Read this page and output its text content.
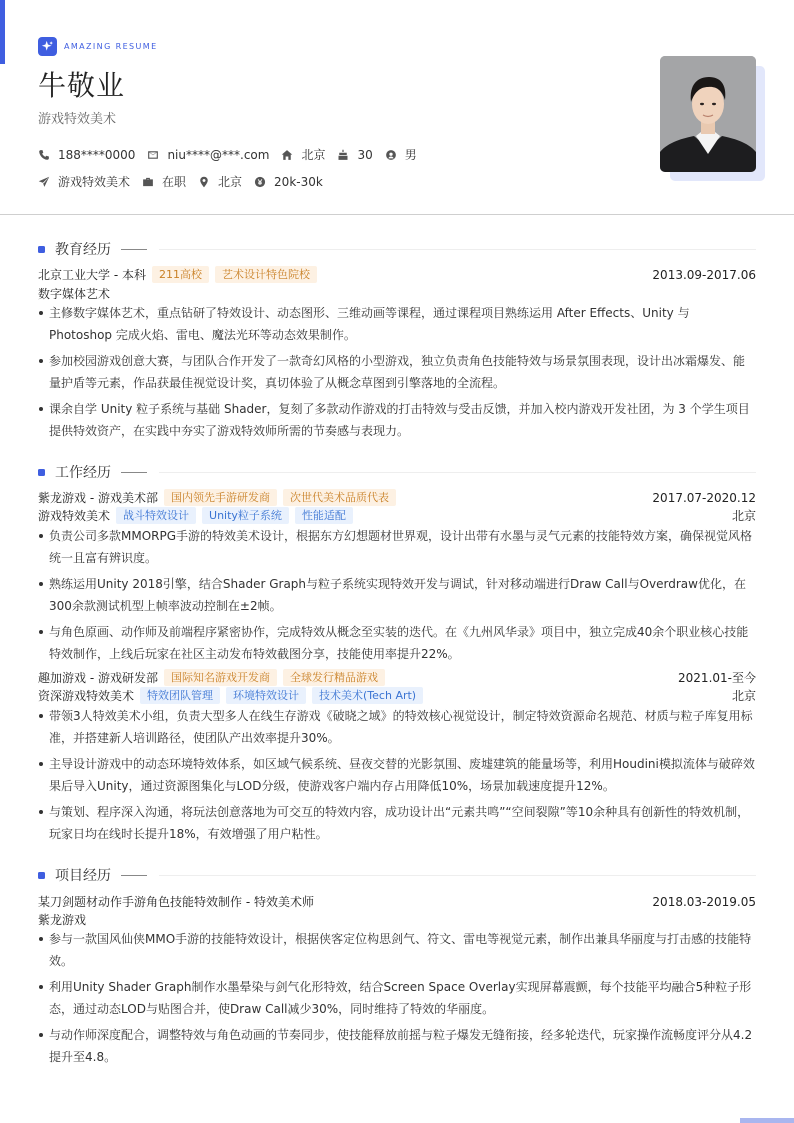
AMAZING RESUME
牛敬业
游戏特效美术
188****0000	niu****@***.com	北京	30	男
游戏特效美术	在职	北京	20k-30k
教育经历
北京工业大学 - 本科	211高校	艺术设计特色院校	2013.09-2017.06
数字媒体艺术
主修数字媒体艺术，重点钻研了特效设计、动态图形、三维动画等课程，通过课程项目熟练运用 After Effects、Unity 与 Photoshop 完成火焰、雷电、魔法光环等动态效果制作。
参加校园游戏创意大赛，与团队合作开发了一款奇幻风格的小型游戏，独立负责角色技能特效与场景氛围表现，设计出冰霜爆发、能量护盾等元素，作品获最佳视觉设计奖，真切体验了从概念草图到引擎落地的全流程。
课余自学 Unity 粒子系统与基础 Shader，复刻了多款动作游戏的打击特效与受击反馈，并加入校内游戏开发社团，为 3 个学生项目提供特效资产，在实践中夯实了游戏特效师所需的节奏感与表现力。
工作经历
紫龙游戏 - 游戏美术部	国内领先手游研发商	次世代美术品质代表	2017.07-2020.12
游戏特效美术	战斗特效设计	Unity粒子系统	性能适配	北京
负责公司多款MMORPG手游的特效美术设计，根据东方幻想题材世界观，设计出带有水墨与灵气元素的技能特效方案，确保视觉风格统一且富有辨识度。
熟练运用Unity 2018引擎，结合Shader Graph与粒子系统实现特效开发与调试，针对移动端进行Draw Call与Overdraw优化，在300余款测试机型上帧率波动控制在±2帧。
与角色原画、动作师及前端程序紧密协作，完成特效从概念至实装的迭代。在《九州风华录》项目中，独立完成40余个职业核心技能特效制作，上线后玩家在社区主动发布特效截图分享，技能使用率提升22%。
趣加游戏 - 游戏研发部	国际知名游戏开发商	全球发行精品游戏	2021.01-至今
资深游戏特效美术	特效团队管理	环境特效设计	技术美术(Tech Art)	北京
带领3人特效美术小组，负责大型多人在线生存游戏《破晓之域》的特效核心视觉设计，制定特效资源命名规范、材质与粒子库复用标准，并搭建新人培训路径，使团队产出效率提升30%。
主导设计游戏中的动态环境特效体系，如区域气候系统、昼夜交替的光影氛围、废墟建筑的能量场等，利用Houdini模拟流体与破碎效果后导入Unity，通过资源图集化与LOD分级，使游戏客户端内存占用降低10%，场景加载速度提升12%。
与策划、程序深入沟通，将玩法创意落地为可交互的特效内容，成功设计出“元素共鸣”“空间裂隙”等10余种具有创新性的特效机制，玩家日均在线时长提升18%，有效增强了用户粘性。
项目经历
某刀剑题材动作手游角色技能特效制作 - 特效美术师	2018.03-2019.05
紫龙游戏
参与一款国风仙侠MMO手游的技能特效设计，根据侠客定位构思剑气、符文、雷电等视觉元素，制作出兼具华丽度与打击感的技能特效。
利用Unity Shader Graph制作水墨晕染与剑气化形特效，结合Screen Space Overlay实现屏幕震颤，每个技能平均融合5种粒子形态，通过动态LOD与贴图合并，使Draw Call减少30%，同时维持了特效的华丽度。
与动作师深度配合，调整特效与角色动画的节奏同步，使技能释放前摇与粒子爆发无缝衔接，经多轮迭代，玩家操作流畅度评分从4.2提升至4.8。
